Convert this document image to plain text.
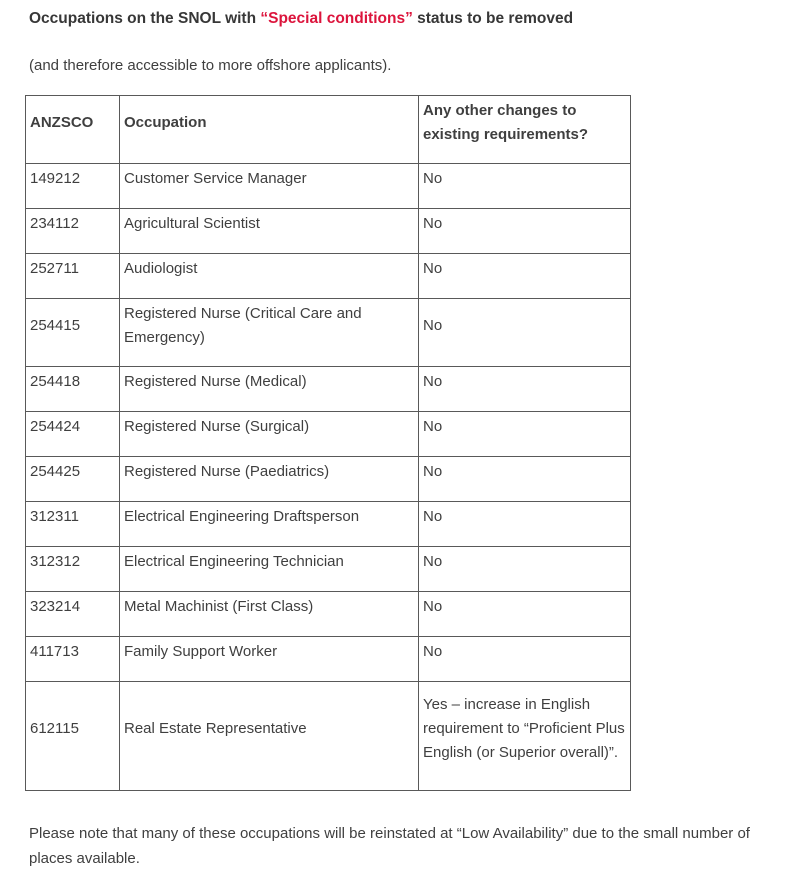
Occupations on the SNOL with “Special conditions” status to be removed

(and therefore accessible to more offshore applicants).

ANZSCO	Occupation	Any other changes to existing requirements?
149212	Customer Service Manager	No
234112	Agricultural Scientist	No
252711	Audiologist	No
254415	Registered Nurse (Critical Care and Emergency)	No
254418	Registered Nurse (Medical)	No
254424	Registered Nurse (Surgical)	No
254425	Registered Nurse (Paediatrics)	No
312311	Electrical Engineering Draftsperson	No
312312	Electrical Engineering Technician	No
323214	Metal Machinist (First Class)	No
411713	Family Support Worker	No
612115	Real Estate Representative	Yes – increase in English requirement to “Proficient Plus English (or Superior overall)”.

Please note that many of these occupations will be reinstated at “Low Availability” due to the small number of places available.
